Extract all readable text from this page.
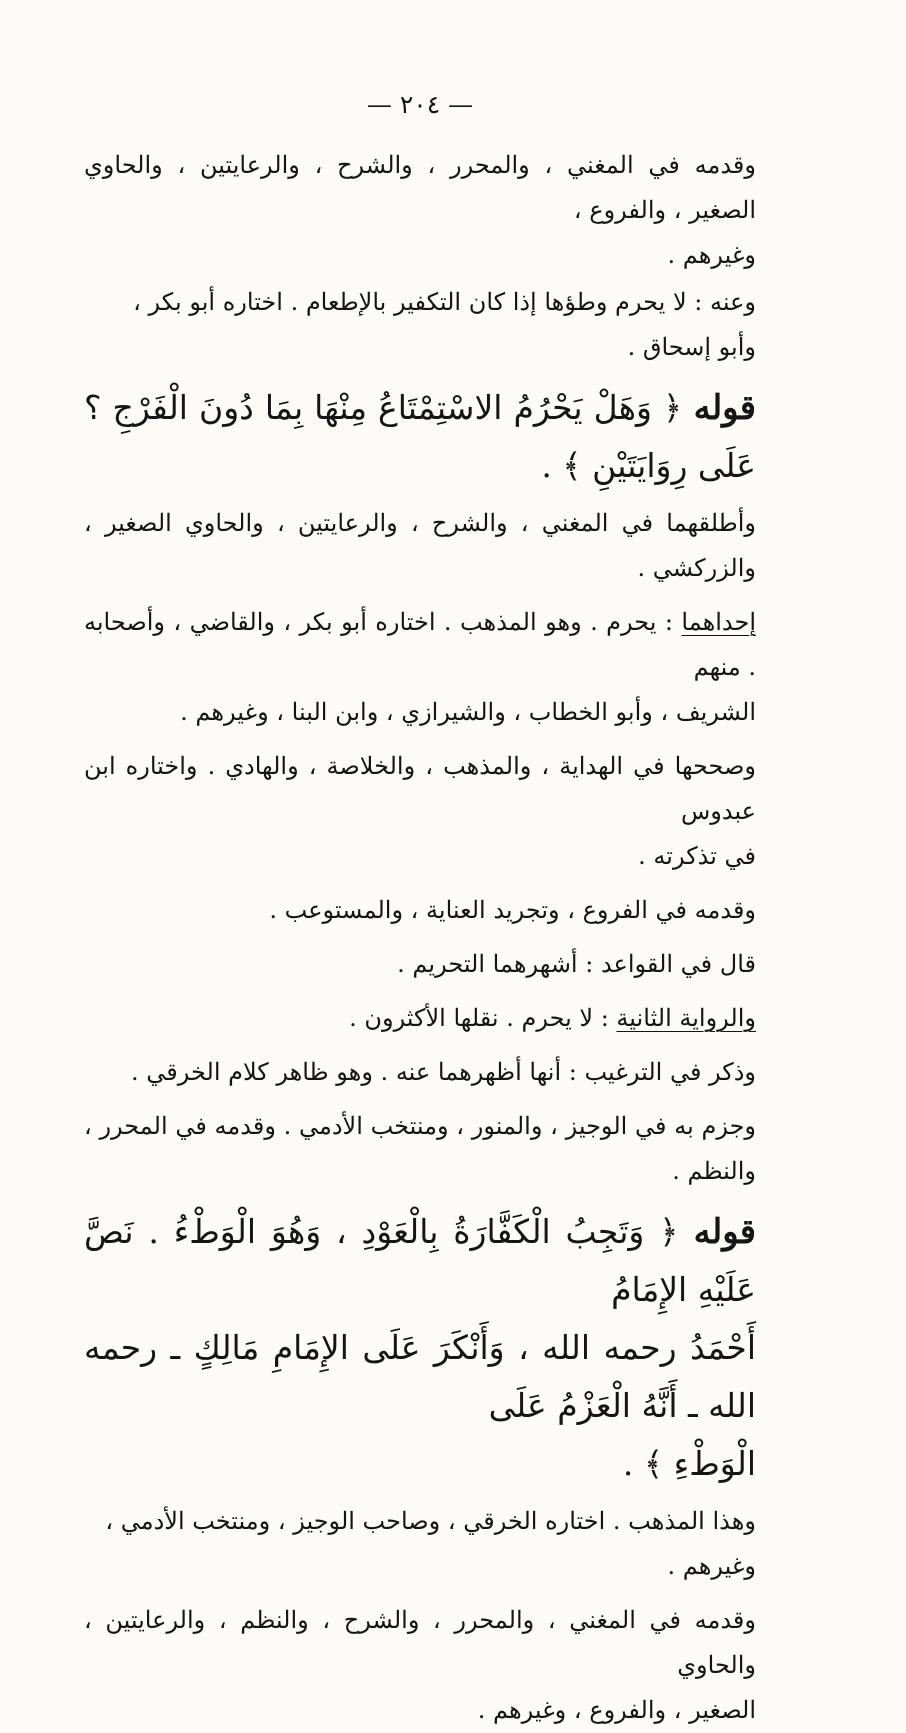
— ٢٠٤ —

وقدمه في المغني ، والمحرر ، والشرح ، والرعايتين ، والحاوي الصغير ، والفروع ،
وغيرهم .

وعنه : لا يحرم وطؤها إذا كان التكفير بالإطعام . اختاره أبو بكر ،
وأبو إسحاق .

قوله ﴿ وَهَلْ يَحْرُمُ الاسْتِمْتَاعُ مِنْهَا بِمَا دُونَ الْفَرْجِ ؟ عَلَى رِوَايَتَيْنِ ﴾ .

وأطلقهما في المغني ، والشرح ، والرعايتين ، والحاوي الصغير ، والزركشي .

إحداهما : يحرم . وهو المذهب . اختاره أبو بكر ، والقاضي ، وأصحابه . منهم
الشريف ، وأبو الخطاب ، والشيرازي ، وابن البنا ، وغيرهم .

وصححها في الهداية ، والمذهب ، والخلاصة ، والهادي . واختاره ابن عبدوس
في تذكرته .

وقدمه في الفروع ، وتجريد العناية ، والمستوعب .

قال في القواعد : أشهرهما التحريم .

والرواية الثانية : لا يحرم . نقلها الأكثرون .

وذكر في الترغيب : أنها أظهرهما عنه . وهو ظاهر كلام الخرقي .

وجزم به في الوجيز ، والمنور ، ومنتخب الأدمي . وقدمه في المحرر ، والنظم .

قوله ﴿ وَتَجِبُ الْكَفَّارَةُ بِالْعَوْدِ ، وَهُوَ الْوَطْءُ . نَصَّ عَلَيْهِ الإِمَامُ
أَحْمَدُ رحمه الله ، وَأَنْكَرَ عَلَى الإِمَامِ مَالِكٍ ـ رحمه الله ـ أَنَّهُ الْعَزْمُ عَلَى
الْوَطْءِ ﴾ .

وهذا المذهب . اختاره الخرقي ، وصاحب الوجيز ، ومنتخب الأدمي ،
وغيرهم .

وقدمه في المغني ، والمحرر ، والشرح ، والنظم ، والرعايتين ، والحاوي
الصغير ، والفروع ، وغيرهم .
